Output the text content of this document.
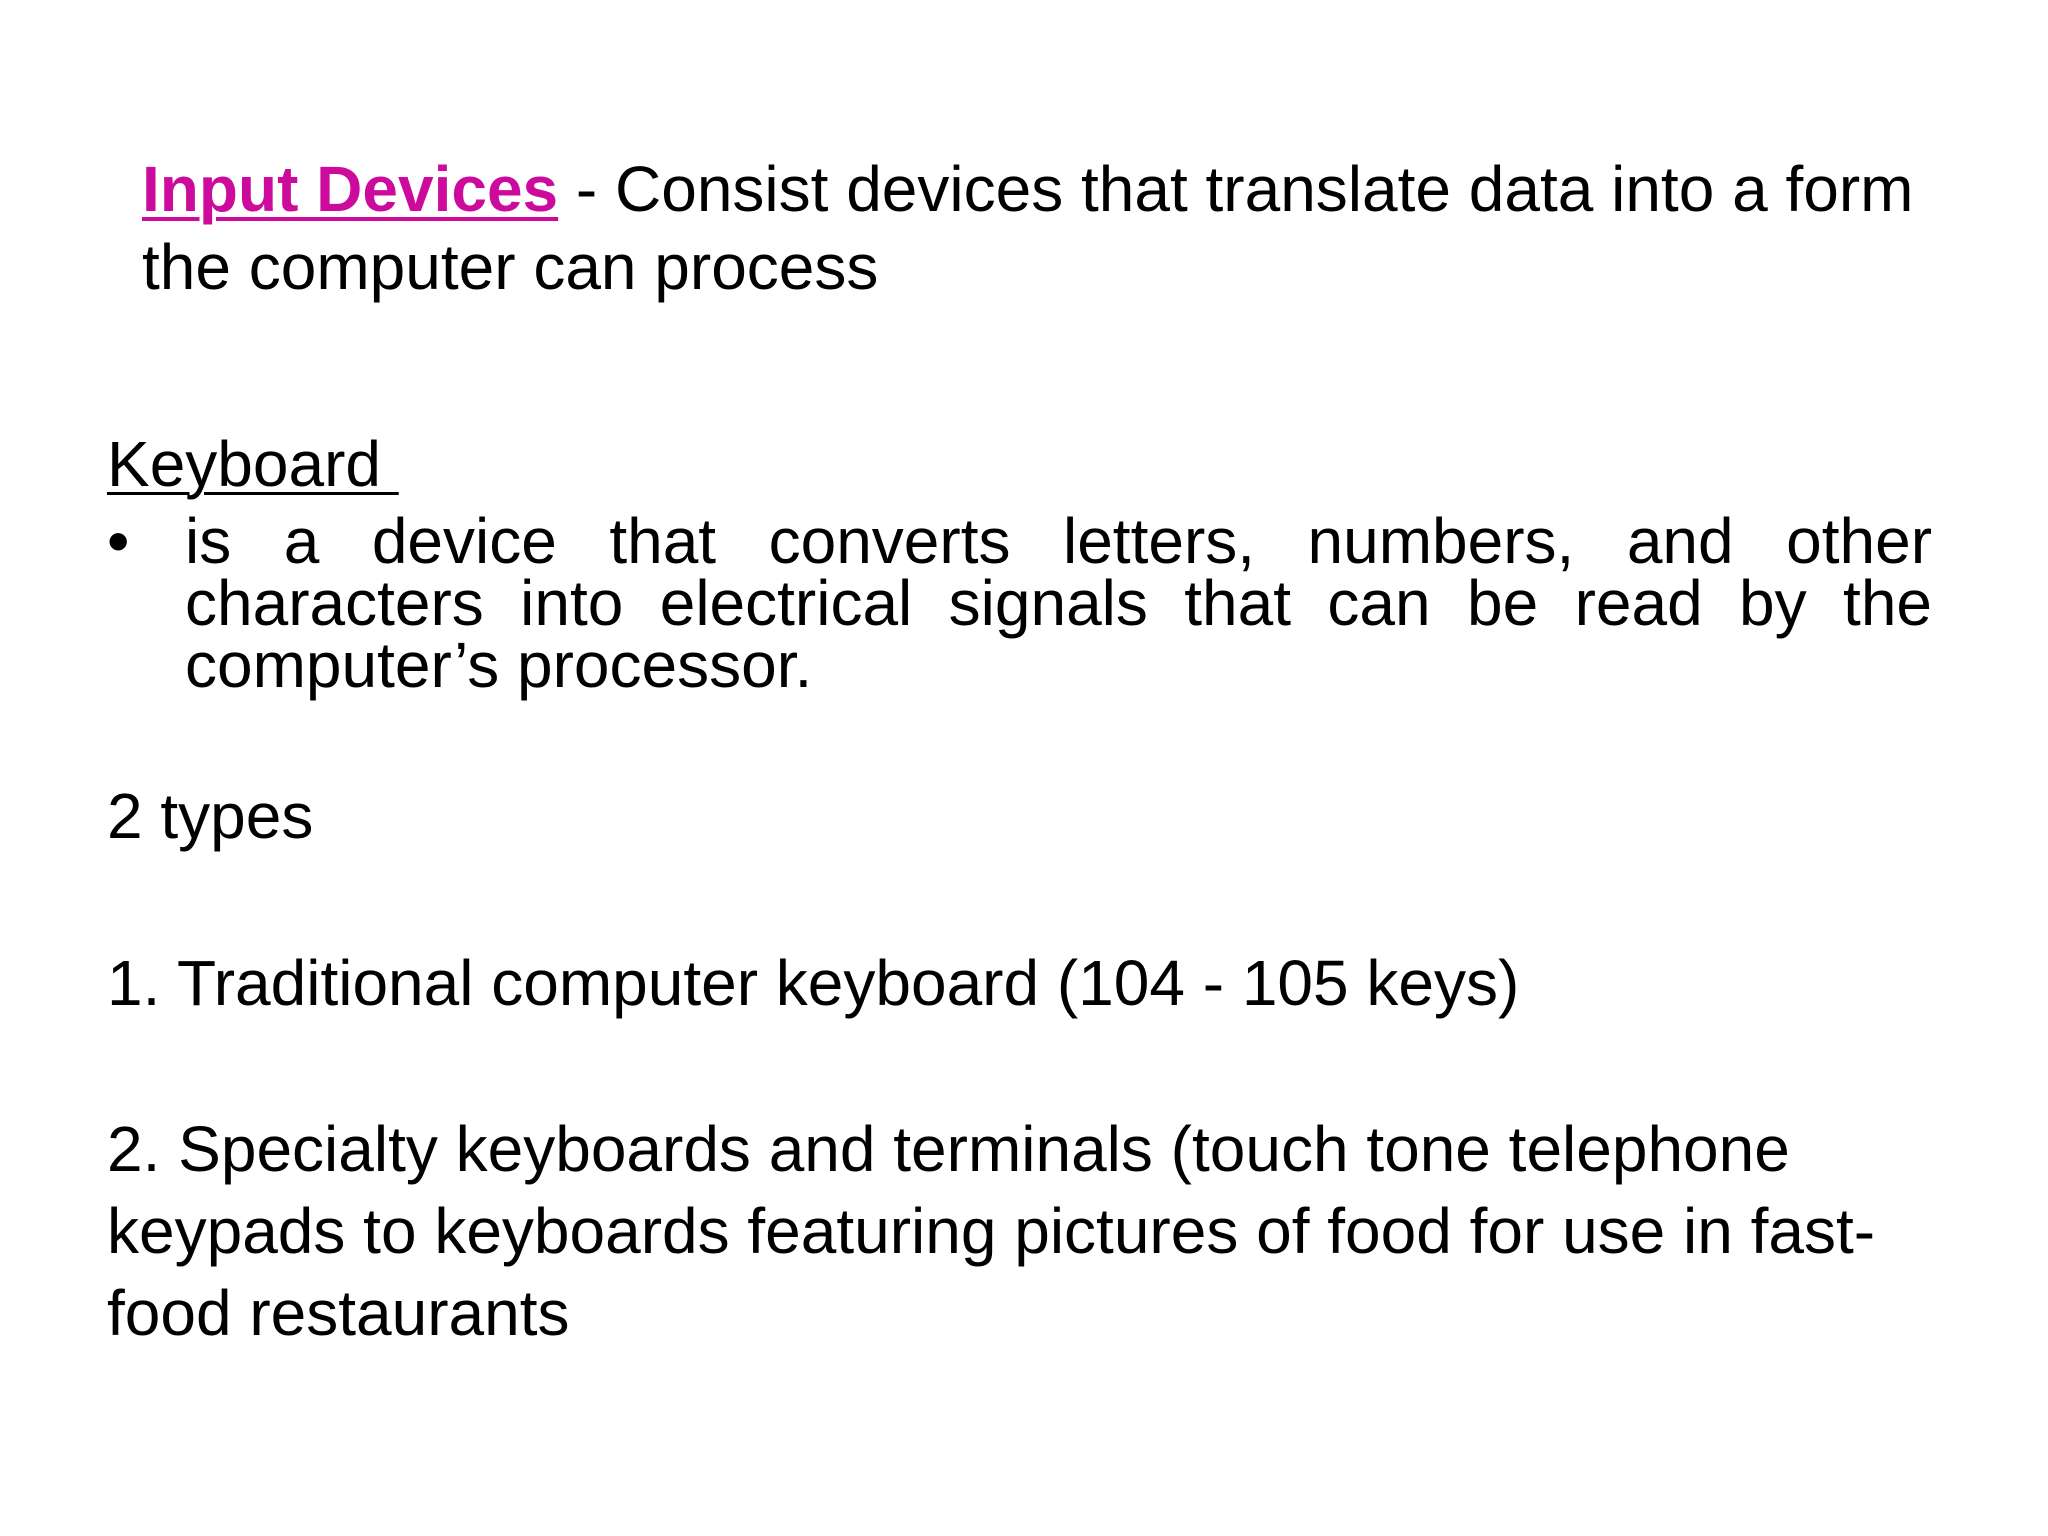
Input Devices - Consist devices that translate data into a form the computer can process
Keyboard
• is a device that converts letters, numbers, and other characters into electrical signals that can be read by the computer’s processor.
2 types
1. Traditional computer keyboard (104 - 105 keys)
2. Specialty keyboards and terminals (touch tone telephone keypads to keyboards featuring pictures of food for use in fast-food restaurants
